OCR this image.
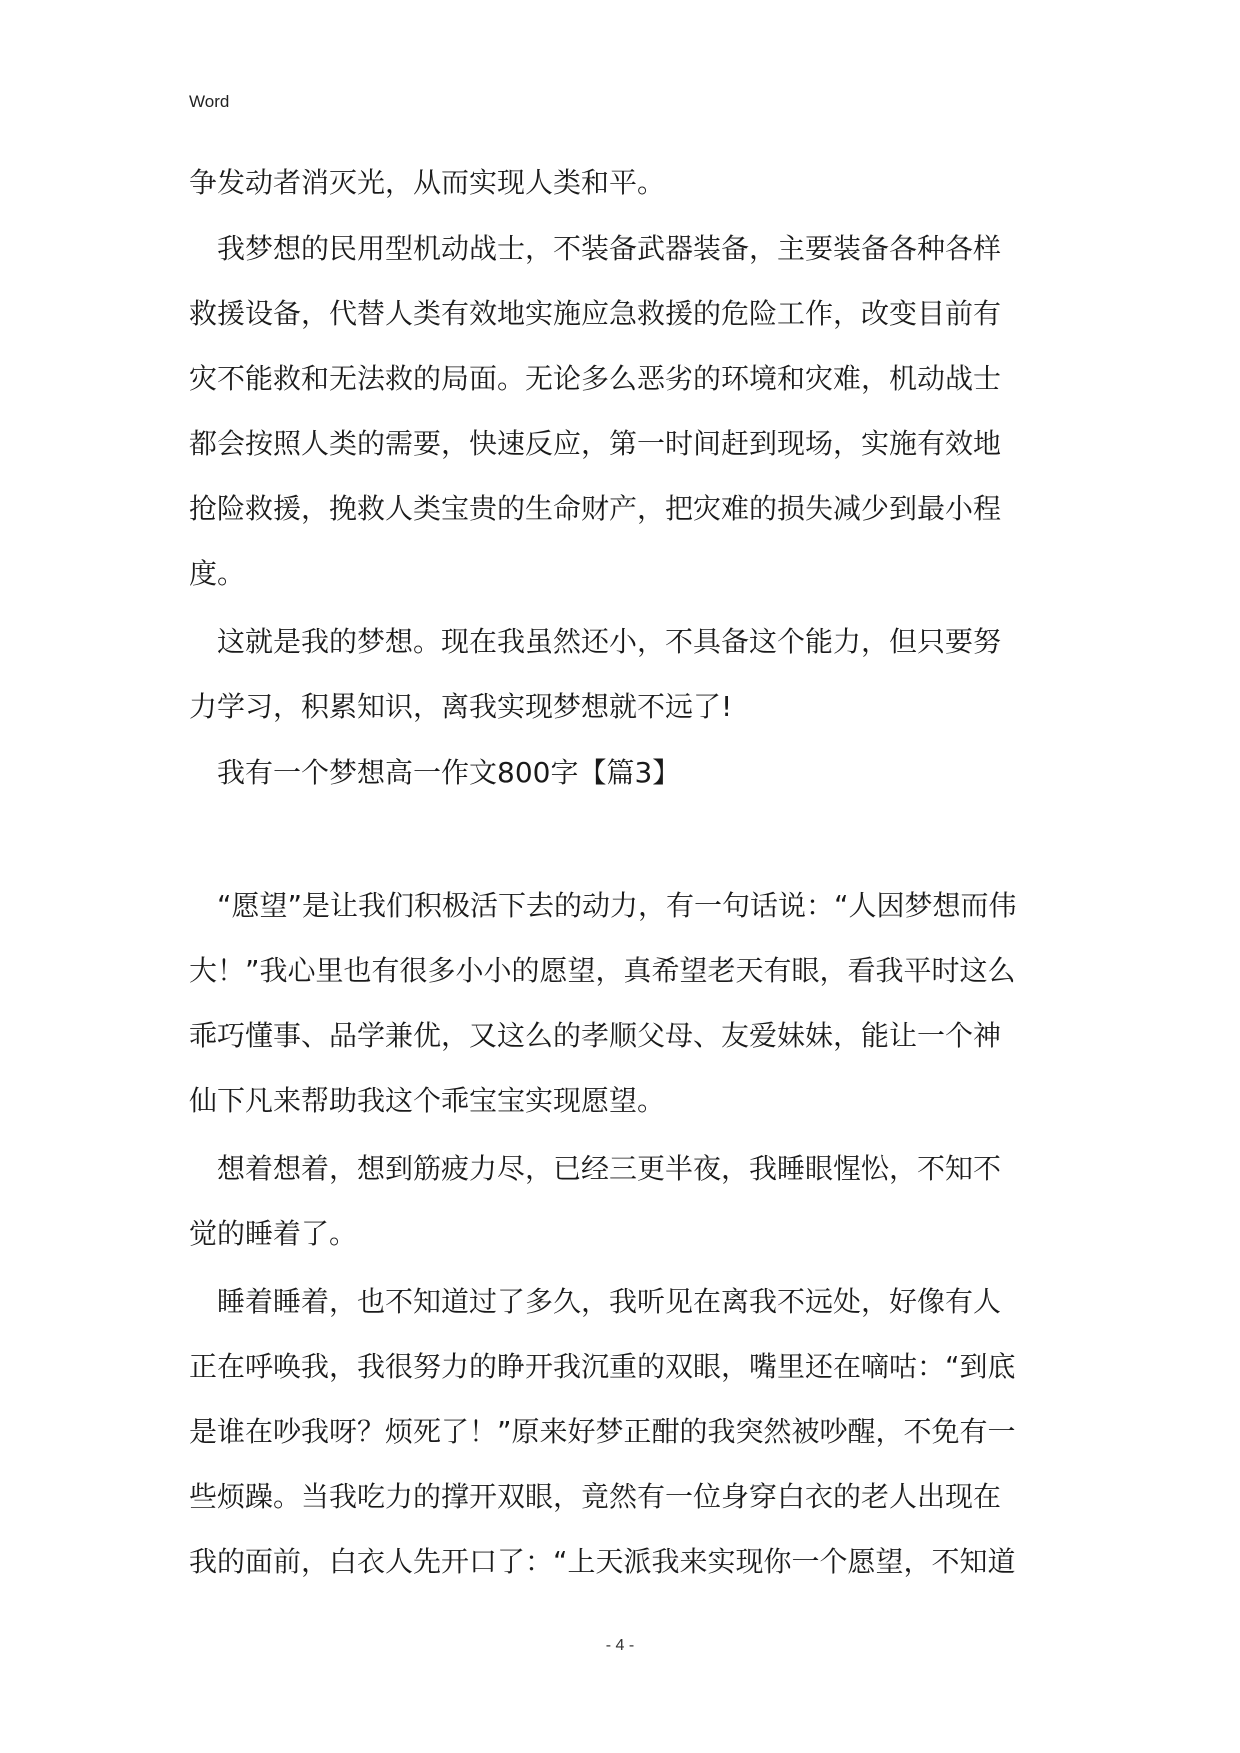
Word
争发动者消灭光，从而实现人类和平。
　我梦想的民用型机动战士，不装备武器装备，主要装备各种各样
救援设备，代替人类有效地实施应急救援的危险工作，改变目前有
灾不能救和无法救的局面。无论多么恶劣的环境和灾难，机动战士
都会按照人类的需要，快速反应，第一时间赶到现场，实施有效地
抢险救援，挽救人类宝贵的生命财产，把灾难的损失减少到最小程
度。
　这就是我的梦想。现在我虽然还小，不具备这个能力，但只要努
力学习，积累知识，离我实现梦想就不远了!
　我有一个梦想高一作文800字【篇3】
　“愿望”是让我们积极活下去的动力，有一句话说：“人因梦想而伟
大！”我心里也有很多小小的愿望，真希望老天有眼，看我平时这么
乖巧懂事、品学兼优，又这么的孝顺父母、友爱妹妹，能让一个神
仙下凡来帮助我这个乖宝宝实现愿望。
　想着想着，想到筋疲力尽，已经三更半夜，我睡眼惺忪，不知不
觉的睡着了。
　睡着睡着，也不知道过了多久，我听见在离我不远处，好像有人
正在呼唤我，我很努力的睁开我沉重的双眼，嘴里还在嘀咕：“到底
是谁在吵我呀？烦死了！”原来好梦正酣的我突然被吵醒，不免有一
些烦躁。当我吃力的撑开双眼，竟然有一位身穿白衣的老人出现在
我的面前，白衣人先开口了：“上天派我来实现你一个愿望，不知道
- 4 -
